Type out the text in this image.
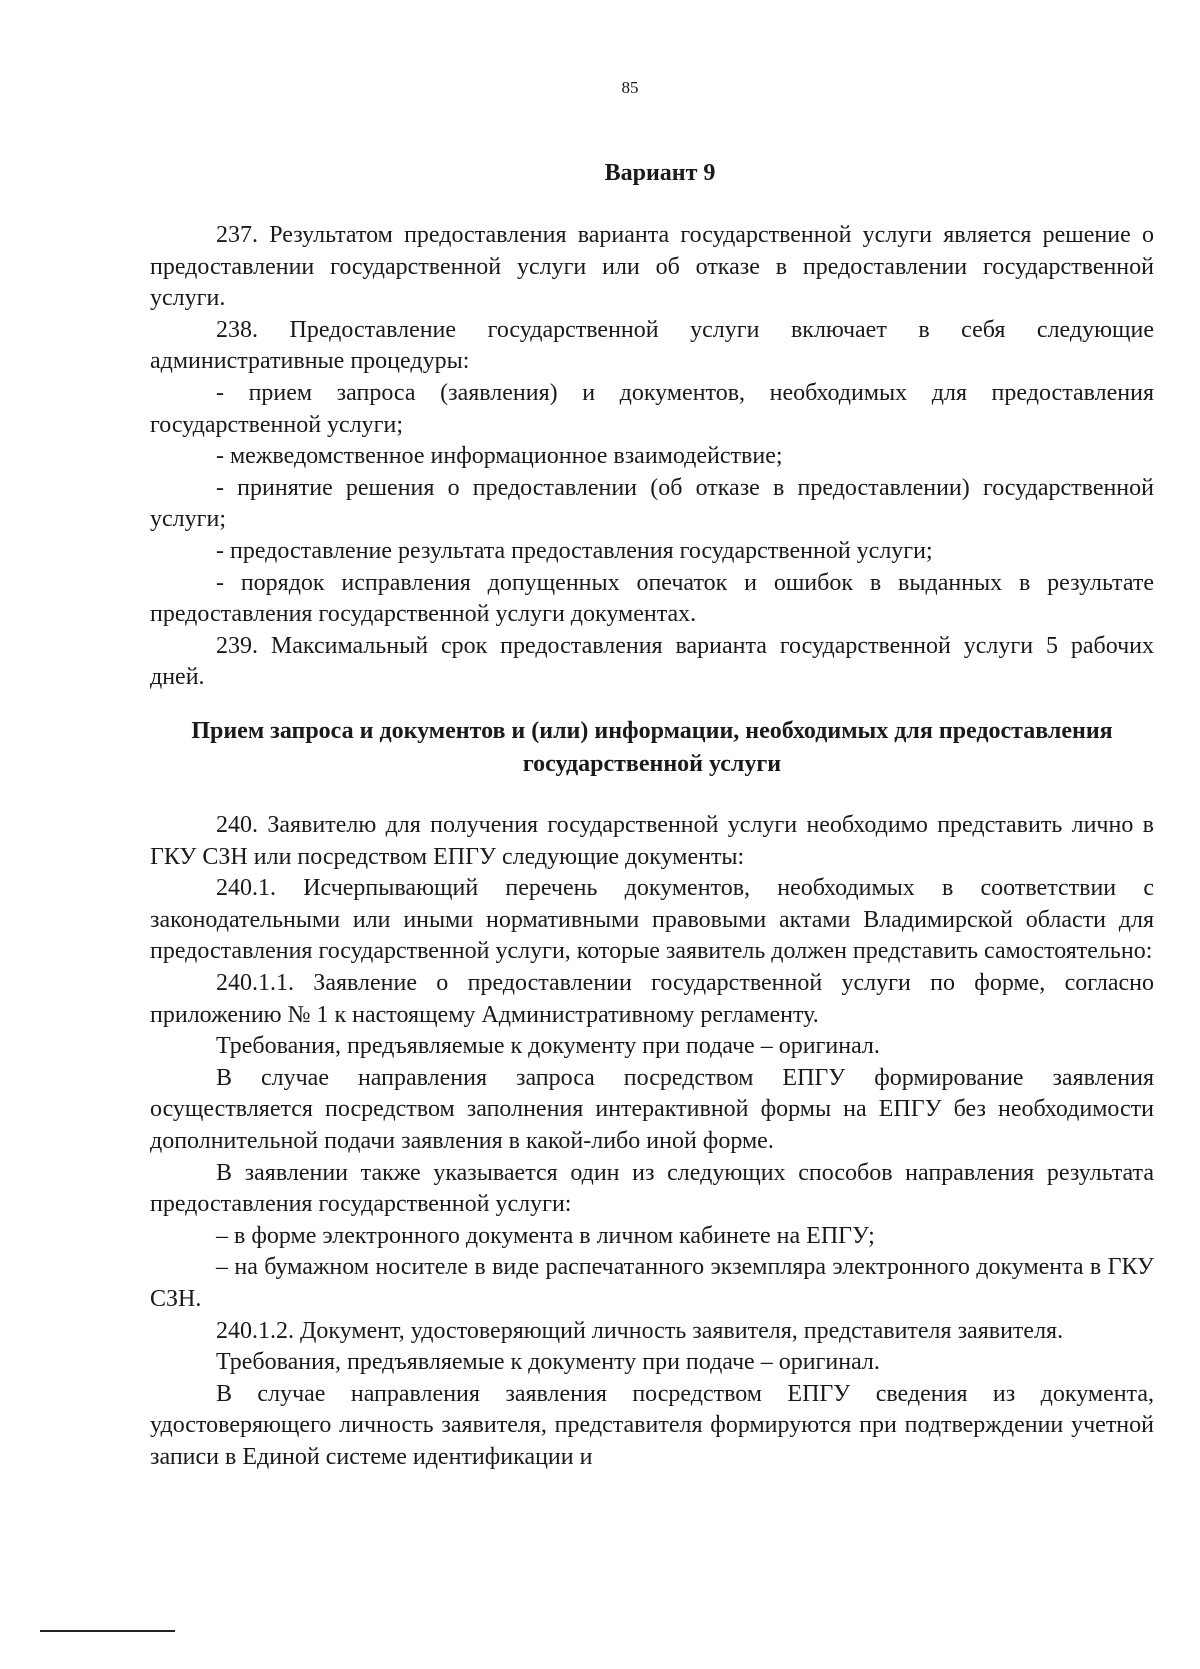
85
Вариант 9

237. Результатом предоставления варианта государственной услуги является решение о предоставлении государственной услуги или об отказе в предоставлении государственной услуги.

238. Предоставление государственной услуги включает в себя следующие административные процедуры:

- прием запроса (заявления) и документов, необходимых для предоставления государственной услуги;

- межведомственное информационное взаимодействие;

- принятие решения о предоставлении (об отказе в предоставлении) государственной услуги;

- предоставление результата предоставления государственной услуги;

- порядок исправления допущенных опечаток и ошибок в выданных в результате предоставления государственной услуги документах.

239. Максимальный срок предоставления варианта государственной услуги 5 рабочих дней.

Прием запроса и документов и (или) информации, необходимых для предоставления государственной услуги

240. Заявителю для получения государственной услуги необходимо представить лично в ГКУ СЗН или посредством ЕПГУ следующие документы:

240.1. Исчерпывающий перечень документов, необходимых в соответствии с законодательными или иными нормативными правовыми актами Владимирской области для предоставления государственной услуги, которые заявитель должен представить самостоятельно:

240.1.1. Заявление о предоставлении государственной услуги по форме, согласно приложению № 1 к настоящему Административному регламенту.

Требования, предъявляемые к документу при подаче – оригинал.

В случае направления запроса посредством ЕПГУ формирование заявления осуществляется посредством заполнения интерактивной формы на ЕПГУ без необходимости дополнительной подачи заявления в какой-либо иной форме.

В заявлении также указывается один из следующих способов направления результата предоставления государственной услуги:

– в форме электронного документа в личном кабинете на ЕПГУ;

– на бумажном носителе в виде распечатанного экземпляра электронного документа в ГКУ СЗН.

240.1.2. Документ, удостоверяющий личность заявителя, представителя заявителя.

Требования, предъявляемые к документу при подаче – оригинал.

В случае направления заявления посредством ЕПГУ сведения из документа, удостоверяющего личность заявителя, представителя формируются при подтверждении учетной записи в Единой системе идентификации и
